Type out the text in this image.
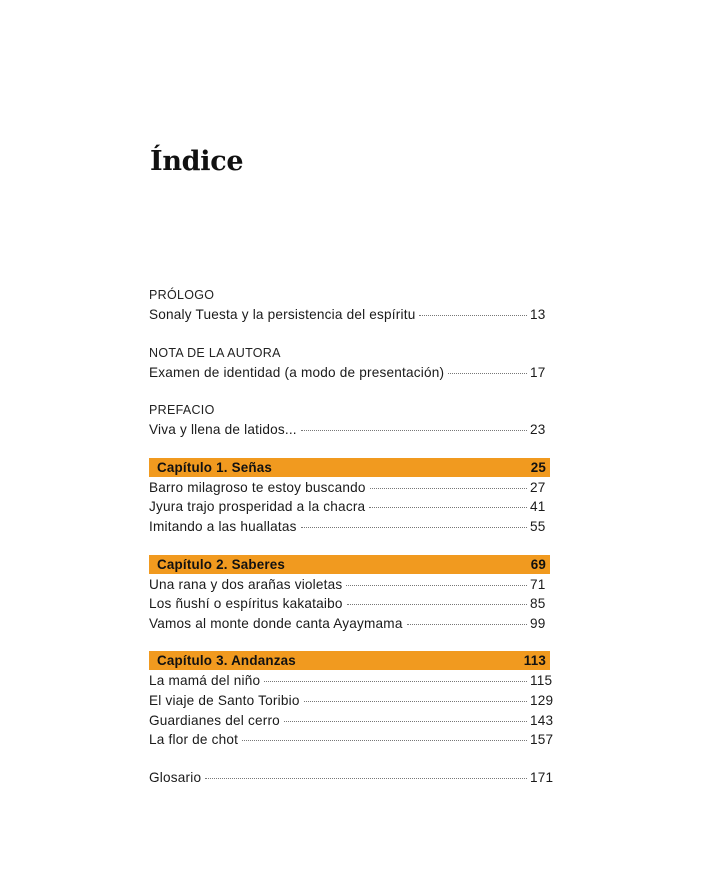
Índice
PRÓLOGO
Sonaly Tuesta y la persistencia del espíritu	13
NOTA DE LA AUTORA
Examen de identidad (a modo de presentación)	17
PREFACIO
Viva y llena de latidos...	23
Capítulo 1. Señas	25
Barro milagroso te estoy buscando	27
Jyura trajo prosperidad a la chacra	41
Imitando a las huallatas	55
Capítulo 2. Saberes	69
Una rana y dos arañas violetas	71
Los ñushí o espíritus kakataibo	85
Vamos al monte donde canta Ayaymama	99
Capítulo 3. Andanzas	113
La mamá del niño	115
El viaje de Santo Toribio	129
Guardianes del cerro	143
La flor de chot	157
Glosario	171
